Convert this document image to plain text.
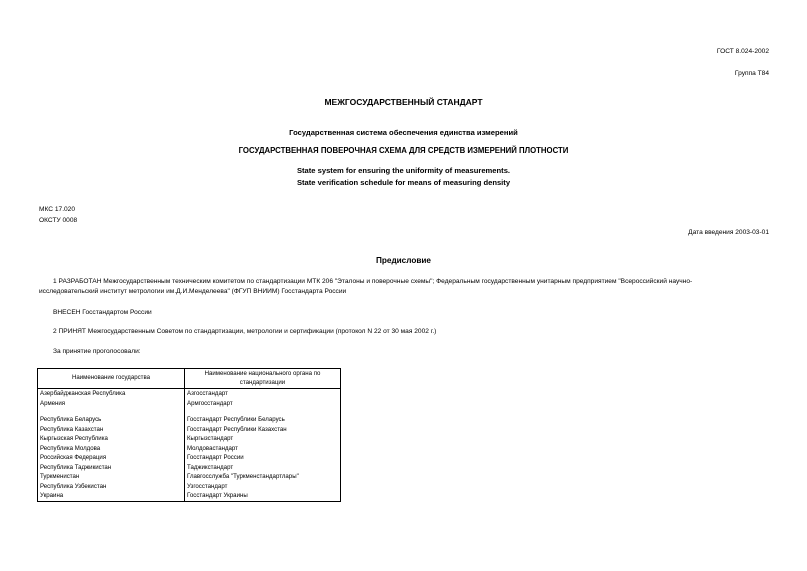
ГОСТ 8.024-2002
Группа Т84
МЕЖГОСУДАРСТВЕННЫЙ СТАНДАРТ
Государственная система обеспечения единства измерений
ГОСУДАРСТВЕННАЯ ПОВЕРОЧНАЯ СХЕМА ДЛЯ СРЕДСТВ ИЗМЕРЕНИЙ ПЛОТНОСТИ
State system for ensuring the uniformity of measurements.
State verification schedule for means of measuring density
МКС 17.020
ОКСТУ 0008
Дата введения 2003-03-01
Предисловие
1 РАЗРАБОТАН Межгосударственным техническим комитетом по стандартизации МТК 206 "Эталоны и поверочные схемы"; Федеральным государственным унитарным предприятием "Всероссийский научно-
исследовательский институт метрологии им.Д.И.Менделеева" (ФГУП ВНИИМ) Госстандарта России
ВНЕСЕН Госстандартом России
2 ПРИНЯТ Межгосударственным Советом по стандартизации, метрологии и сертификации (протокол N 22 от 30 мая 2002 г.)
За принятие проголосовали:
Наименование государства	Наименование национального органа по стандартизации
Азербайджанская Республика	Азгосстандарт
Армения	Армгосстандарт

Республика Беларусь	Госстандарт Республики Беларусь
Республика Казахстан	Госстандарт Республики Казахстан
Кыргызская Республика	Кыргызстандарт
Республика Молдова	Молдовастандарт
Российская Федерация	Госстандарт России
Республика Таджикистан	Таджикстандарт
Туркменистан	Главгосслужба "Туркменстандартлары"
Республика Узбекистан	Узгосстандарт
Украина	Госстандарт Украины
